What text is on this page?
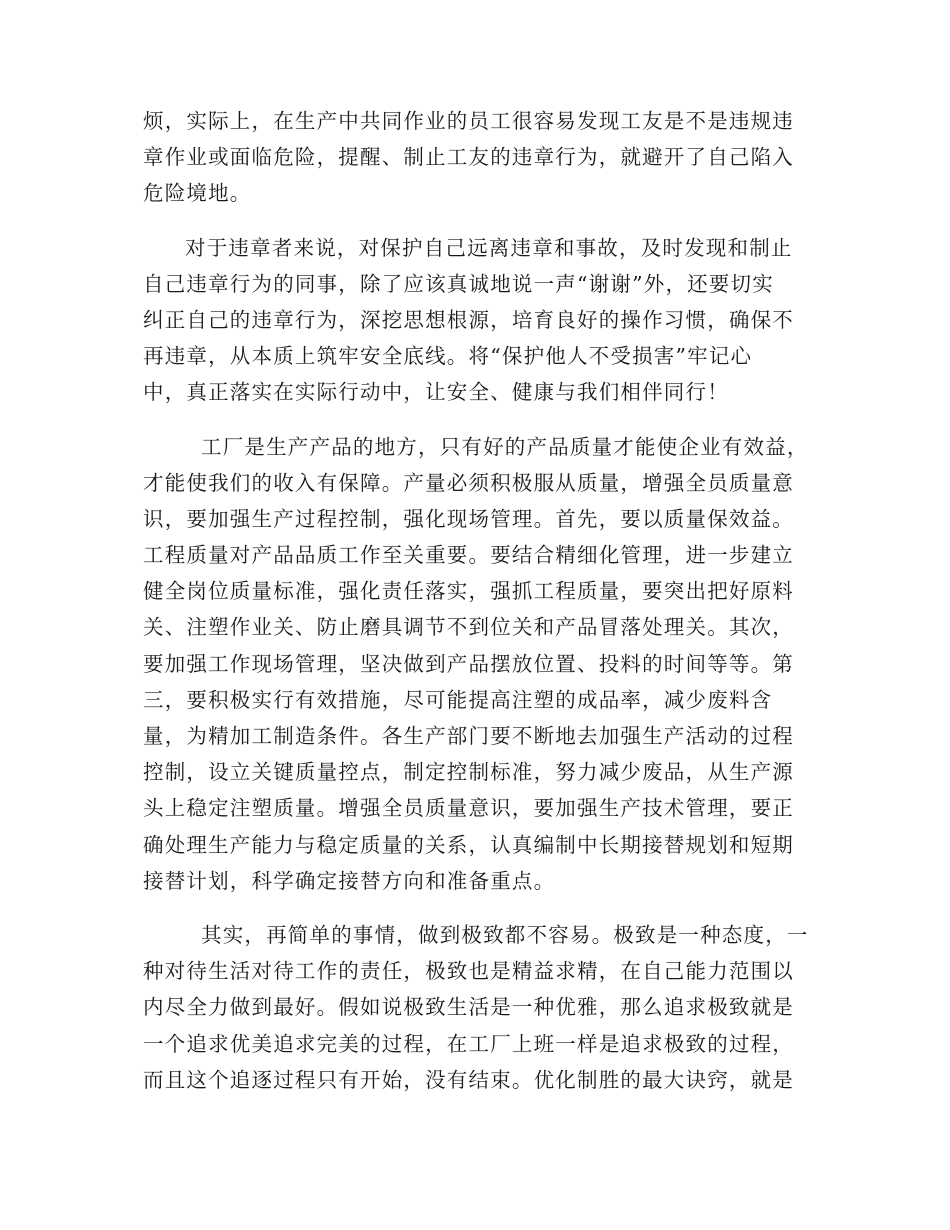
烦，实际上，在生产中共同作业的员工很容易发现工友是不是违规违
章作业或面临危险，提醒、制止工友的违章行为，就避开了自己陷入
危险境地。
对于违章者来说，对保护自己远离违章和事故，及时发现和制止
自己违章行为的同事，除了应该真诚地说一声“谢谢”外，还要切实
纠正自己的违章行为，深挖思想根源，培育良好的操作习惯，确保不
再违章，从本质上筑牢安全底线。将“保护他人不受损害”牢记心
中，真正落实在实际行动中，让安全、健康与我们相伴同行！
工厂是生产产品的地方，只有好的产品质量才能使企业有效益，
才能使我们的收入有保障。产量必须积极服从质量，增强全员质量意
识，要加强生产过程控制，强化现场管理。首先，要以质量保效益。
工程质量对产品品质工作至关重要。要结合精细化管理，进一步建立
健全岗位质量标准，强化责任落实，强抓工程质量，要突出把好原料
关、注塑作业关、防止磨具调节不到位关和产品冒落处理关。其次，
要加强工作现场管理，坚决做到产品摆放位置、投料的时间等等。第
三，要积极实行有效措施，尽可能提高注塑的成品率，减少废料含
量，为精加工制造条件。各生产部门要不断地去加强生产活动的过程
控制，设立关键质量控点，制定控制标准，努力减少废品，从生产源
头上稳定注塑质量。增强全员质量意识，要加强生产技术管理，要正
确处理生产能力与稳定质量的关系，认真编制中长期接替规划和短期
接替计划，科学确定接替方向和准备重点。
其实，再简单的事情，做到极致都不容易。极致是一种态度，一
种对待生活对待工作的责任，极致也是精益求精，在自己能力范围以
内尽全力做到最好。假如说极致生活是一种优雅，那么追求极致就是
一个追求优美追求完美的过程，在工厂上班一样是追求极致的过程，
而且这个追逐过程只有开始，没有结束。优化制胜的最大诀窍，就是
